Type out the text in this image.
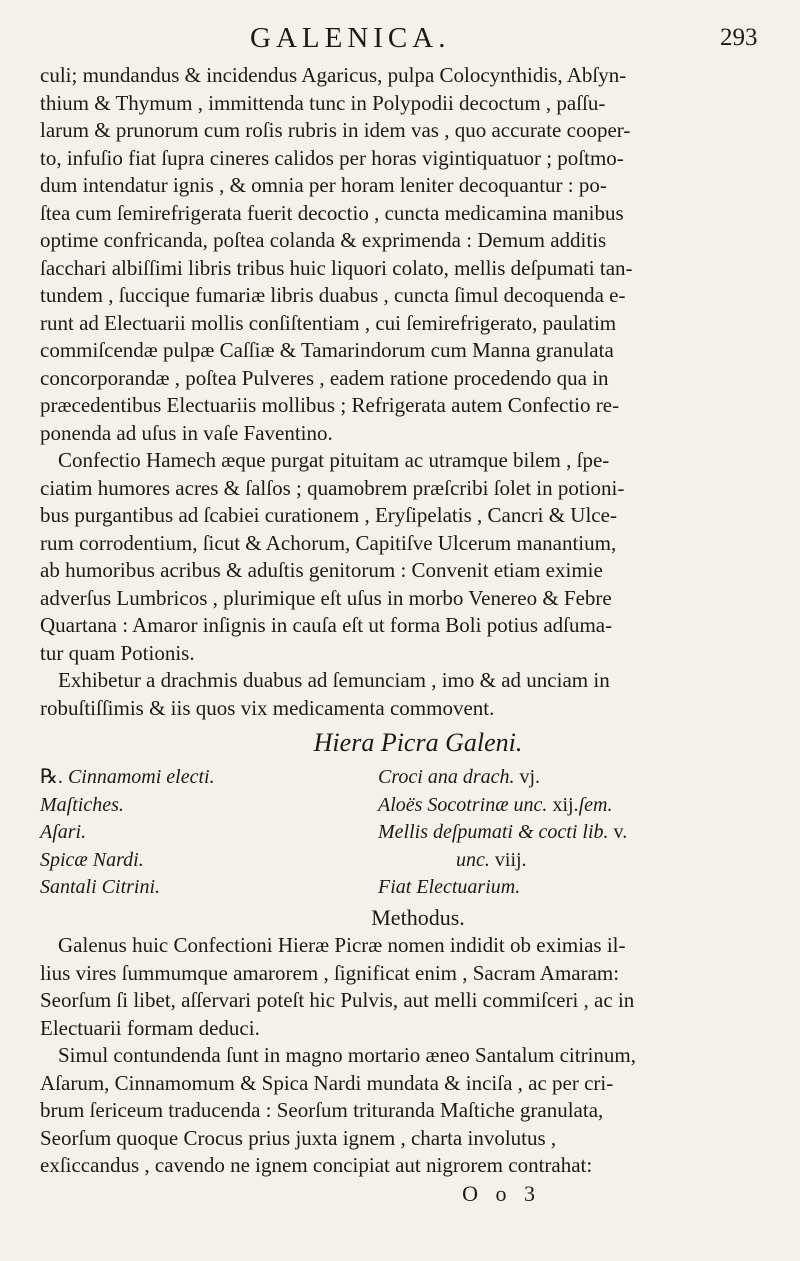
GALENICA.	293
culi; mundandus & incidendus Agaricus, pulpa Colocynthidis, Abſyn-
thium & Thymum , immittenda tunc in Polypodii decoctum , paſſu-
larum & prunorum cum roſis rubris in idem vas , quo accurate cooper-
to, infuſio fiat ſupra cineres calidos per horas vigintiquatuor ; poſtmo-
dum intendatur ignis , & omnia per horam leniter decoquantur : po-
ſtea cum ſemirefrigerata fuerit decoctio , cuncta medicamina manibus
optime confricanda, poſtea colanda & exprimenda : Demum additis
ſacchari albiſſimi libris tribus huic liquori colato, mellis deſpumati tan-
tundem , ſuccique fumariæ libris duabus , cuncta ſimul decoquenda e-
runt ad Electuarii mollis conſiſtentiam , cui ſemirefrigerato, paulatim
commiſcendæ pulpæ Caſſiæ & Tamarindorum cum Manna granulata
concorporandæ , poſtea Pulveres , eadem ratione procedendo qua in
præcedentibus Electuariis mollibus ; Refrigerata autem Confectio re-
ponenda ad uſus in vaſe Faventino.
Confectio Hamech æque purgat pituitam ac utramque bilem , ſpe-
ciatim humores acres & ſalſos ; quamobrem præſcribi ſolet in potioni-
bus purgantibus ad ſcabiei curationem , Eryſipelatis , Cancri & Ulce-
rum corrodentium, ſicut & Achorum, Capitiſve Ulcerum manantium,
ab humoribus acribus & aduſtis genitorum : Convenit etiam eximie
adverſus Lumbricos , plurimique eſt uſus in morbo Venereo & Febre
Quartana : Amaror inſignis in cauſa eſt ut forma Boli potius adſuma-
tur quam Potionis.
Exhibetur a drachmis duabus ad ſemunciam , imo & ad unciam in
robuſtiſſimis & iis quos vix medicamenta commovent.
Hiera Picra Galeni.
℞. Cinnamomi electi.
Maſtiches.
Aſari.
Spicæ Nardi.
Santali Citrini.
Croci ana drach. vj.
Aloës Socotrinæ unc. xij.ſem.
Mellis deſpumati & cocti lib. v.
unc. viij.
Fiat Electuarium.
Methodus.
Galenus huic Confectioni Hieræ Picræ nomen indidit ob eximias il-
lius vires ſummumque amarorem , ſignificat enim , Sacram Amaram:
Seorſum ſi libet, aſſervari poteſt hic Pulvis, aut melli commiſceri , ac in
Electuarii formam deduci.
Simul contundenda ſunt in magno mortario æneo Santalum citrinum,
Aſarum, Cinnamomum & Spica Nardi mundata & inciſa , ac per cri-
brum ſericeum traducenda : Seorſum trituranda Maſtiche granulata,
Seorſum quoque Crocus prius juxta ignem , charta involutus ,
exſiccandus , cavendo ne ignem concipiat aut nigrorem contrahat:
O o 3
